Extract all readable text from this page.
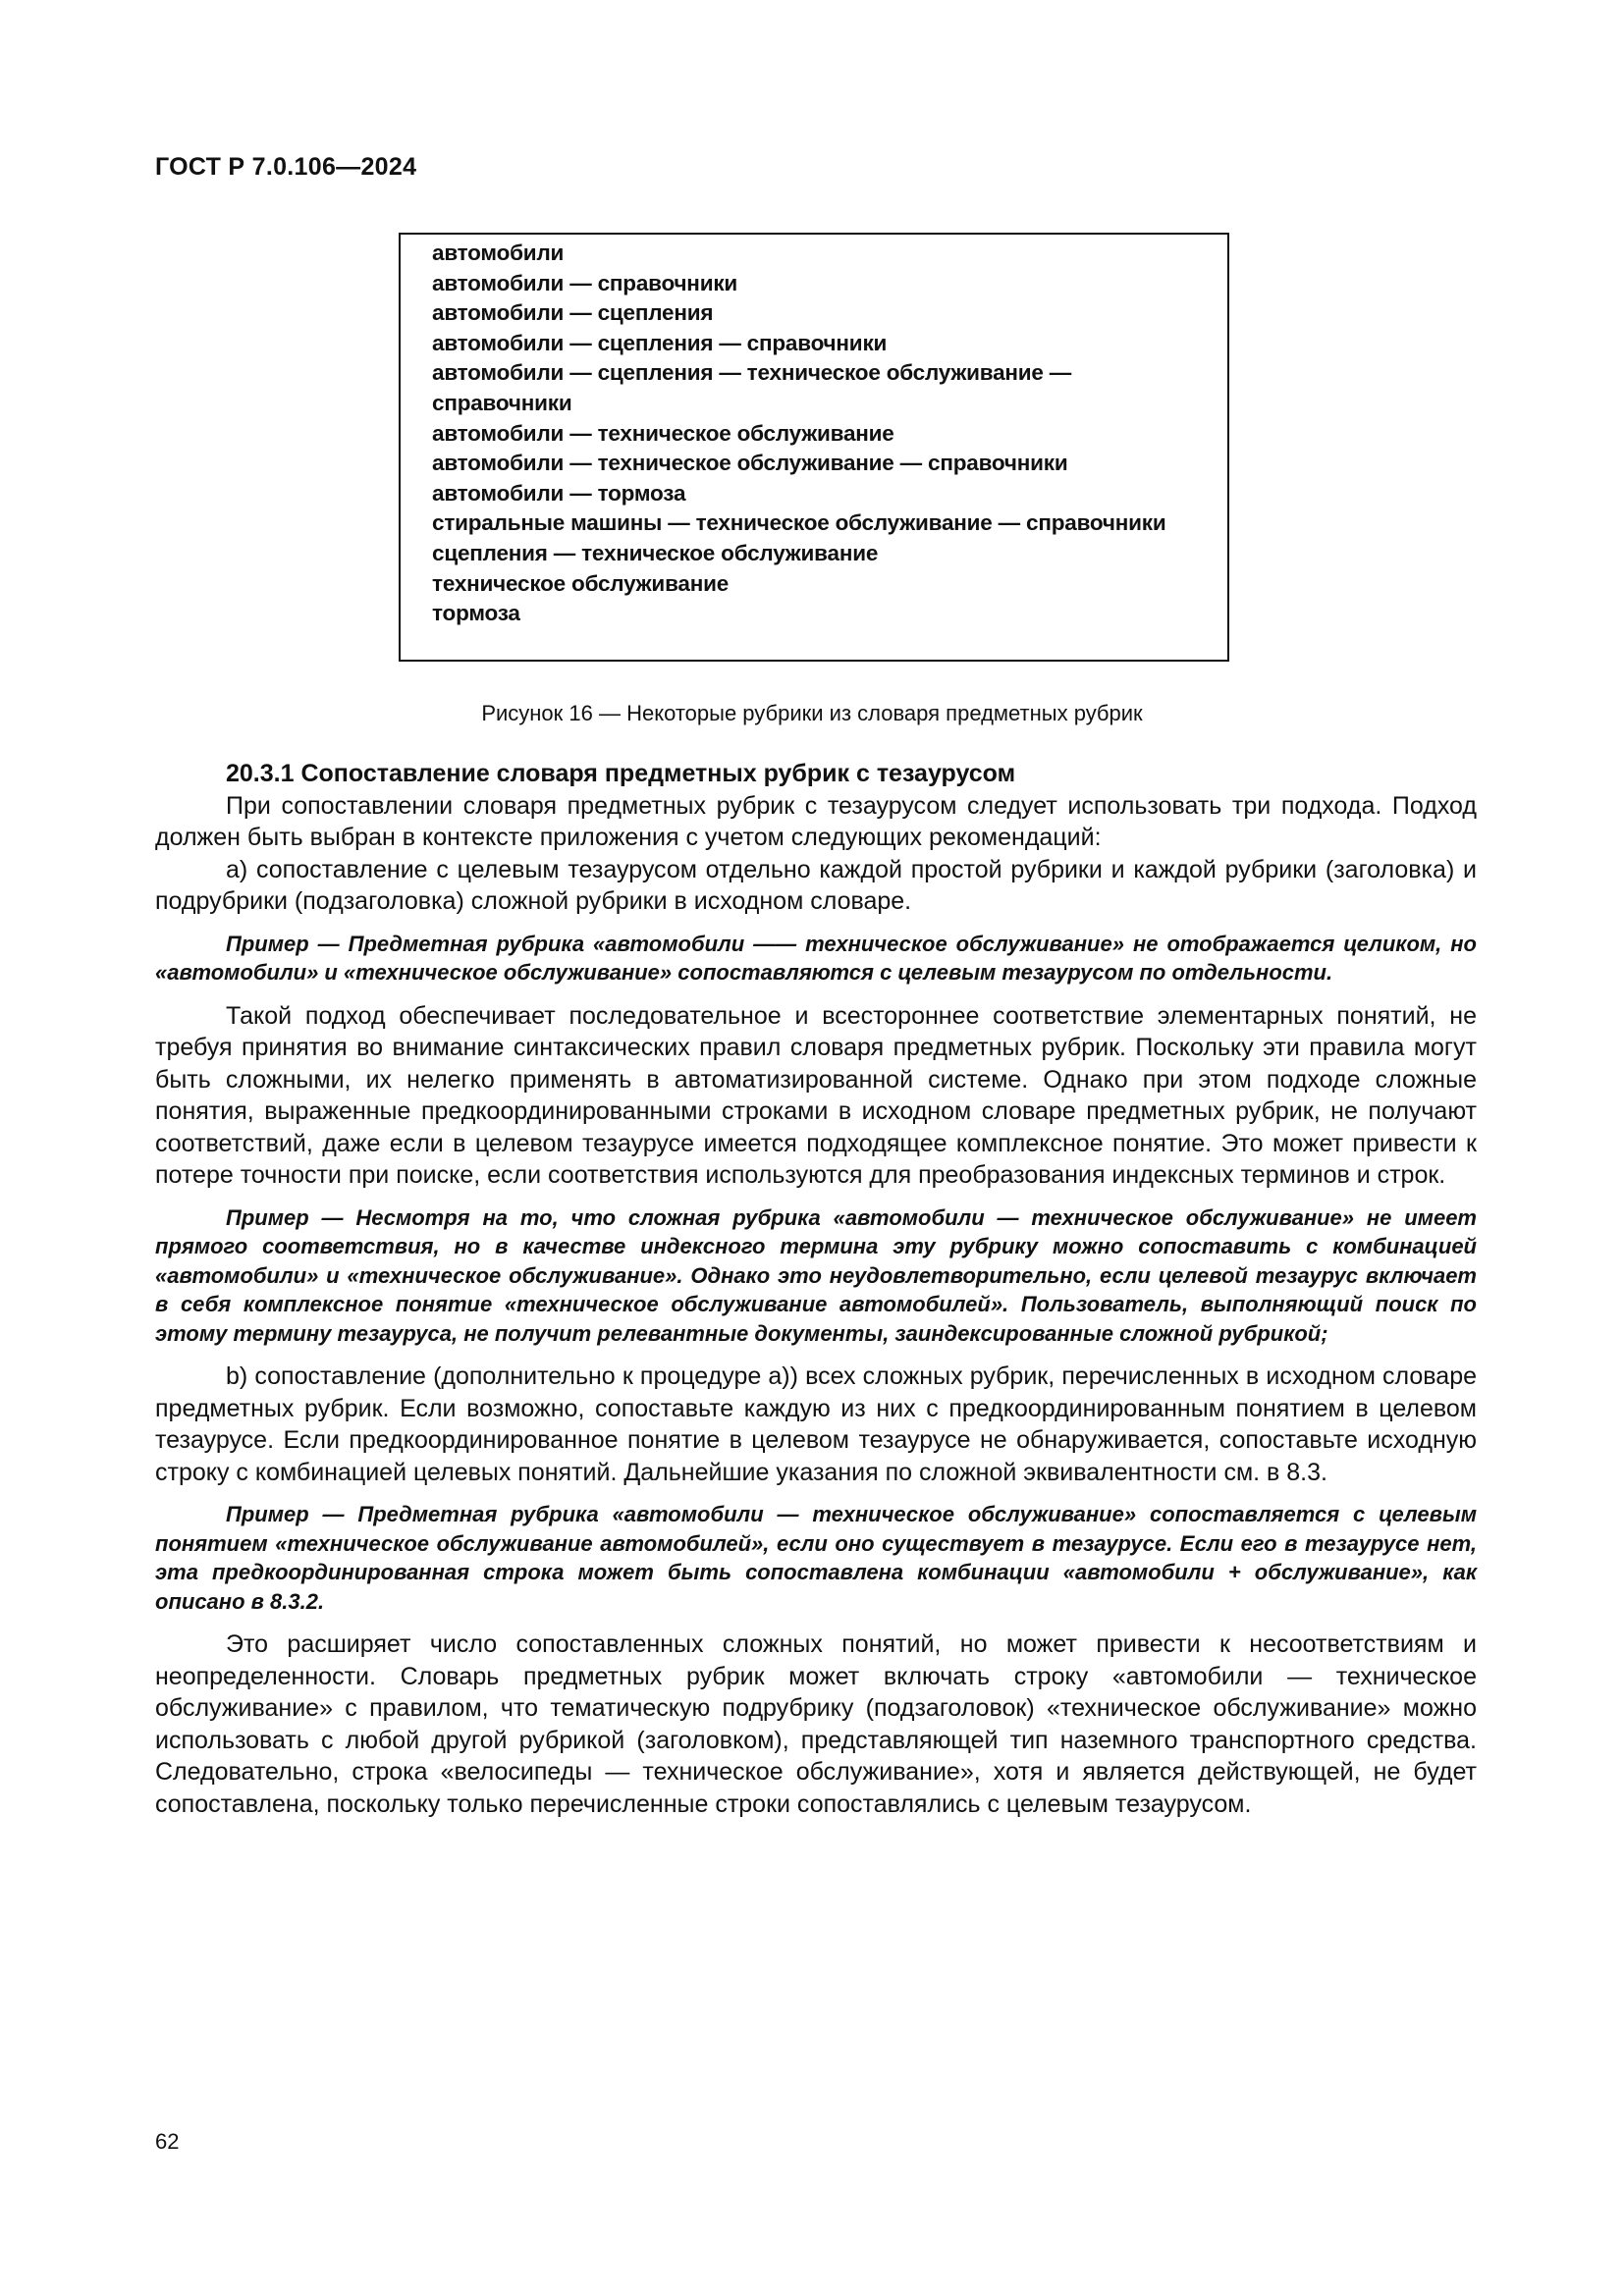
ГОСТ Р 7.0.106—2024
автомобили
автомобили — справочники
автомобили — сцепления
автомобили — сцепления — справочники
автомобили — сцепления — техническое обслуживание —
справочники
автомобили — техническое обслуживание
автомобили — техническое обслуживание — справочники
автомобили — тормоза
стиральные машины — техническое обслуживание — справочники
сцепления — техническое обслуживание
техническое обслуживание
тормоза
Рисунок 16 — Некоторые рубрики из словаря предметных рубрик

20.3.1 Сопоставление словаря предметных рубрик с тезаурусом

При сопоставлении словаря предметных рубрик с тезаурусом следует использовать три подхода. Подход должен быть выбран в контексте приложения с учетом следующих рекомендаций:

а) сопоставление с целевым тезаурусом отдельно каждой простой рубрики и каждой рубрики (заголовка) и подрубрики (подзаголовка) сложной рубрики в исходном словаре.

Пример — Предметная рубрика «автомобили —— техническое обслуживание» не отображается целиком, но «автомобили» и «техническое обслуживание» сопоставляются с целевым тезаурусом по отдельности.

Такой подход обеспечивает последовательное и всестороннее соответствие элементарных понятий, не требуя принятия во внимание синтаксических правил словаря предметных рубрик. Поскольку эти правила могут быть сложными, их нелегко применять в автоматизированной системе. Однако при этом подходе сложные понятия, выраженные предкоординированными строками в исходном словаре предметных рубрик, не получают соответствий, даже если в целевом тезаурусе имеется подходящее комплексное понятие. Это может привести к потере точности при поиске, если соответствия используются для преобразования индексных терминов и строк.

Пример — Несмотря на то, что сложная рубрика «автомобили — техническое обслуживание» не имеет прямого соответствия, но в качестве индексного термина эту рубрику можно сопоставить с комбинацией «автомобили» и «техническое обслуживание». Однако это неудовлетворительно, если целевой тезаурус включает в себя комплексное понятие «техническое обслуживание автомобилей». Пользователь, выполняющий поиск по этому термину тезауруса, не получит релевантные документы, заиндексированные сложной рубрикой;

b) сопоставление (дополнительно к процедуре а)) всех сложных рубрик, перечисленных в исходном словаре предметных рубрик. Если возможно, сопоставьте каждую из них с предкоординированным понятием в целевом тезаурусе. Если предкоординированное понятие в целевом тезаурусе не обнаруживается, сопоставьте исходную строку с комбинацией целевых понятий. Дальнейшие указания по сложной эквивалентности см. в 8.3.

Пример — Предметная рубрика «автомобили — техническое обслуживание» сопоставляется с целевым понятием «техническое обслуживание автомобилей», если оно существует в тезаурусе. Если его в тезаурусе нет, эта предкоординированная строка может быть сопоставлена комбинации «автомобили + обслуживание», как описано в 8.3.2.

Это расширяет число сопоставленных сложных понятий, но может привести к несоответствиям и неопределенности. Словарь предметных рубрик может включать строку «автомобили — техническое обслуживание» с правилом, что тематическую подрубрику (подзаголовок) «техническое обслуживание» можно использовать с любой другой рубрикой (заголовком), представляющей тип наземного транспортного средства. Следовательно, строка «велосипеды — техническое обслуживание», хотя и является действующей, не будет сопоставлена, поскольку только перечисленные строки сопоставлялись с целевым тезаурусом.

62
